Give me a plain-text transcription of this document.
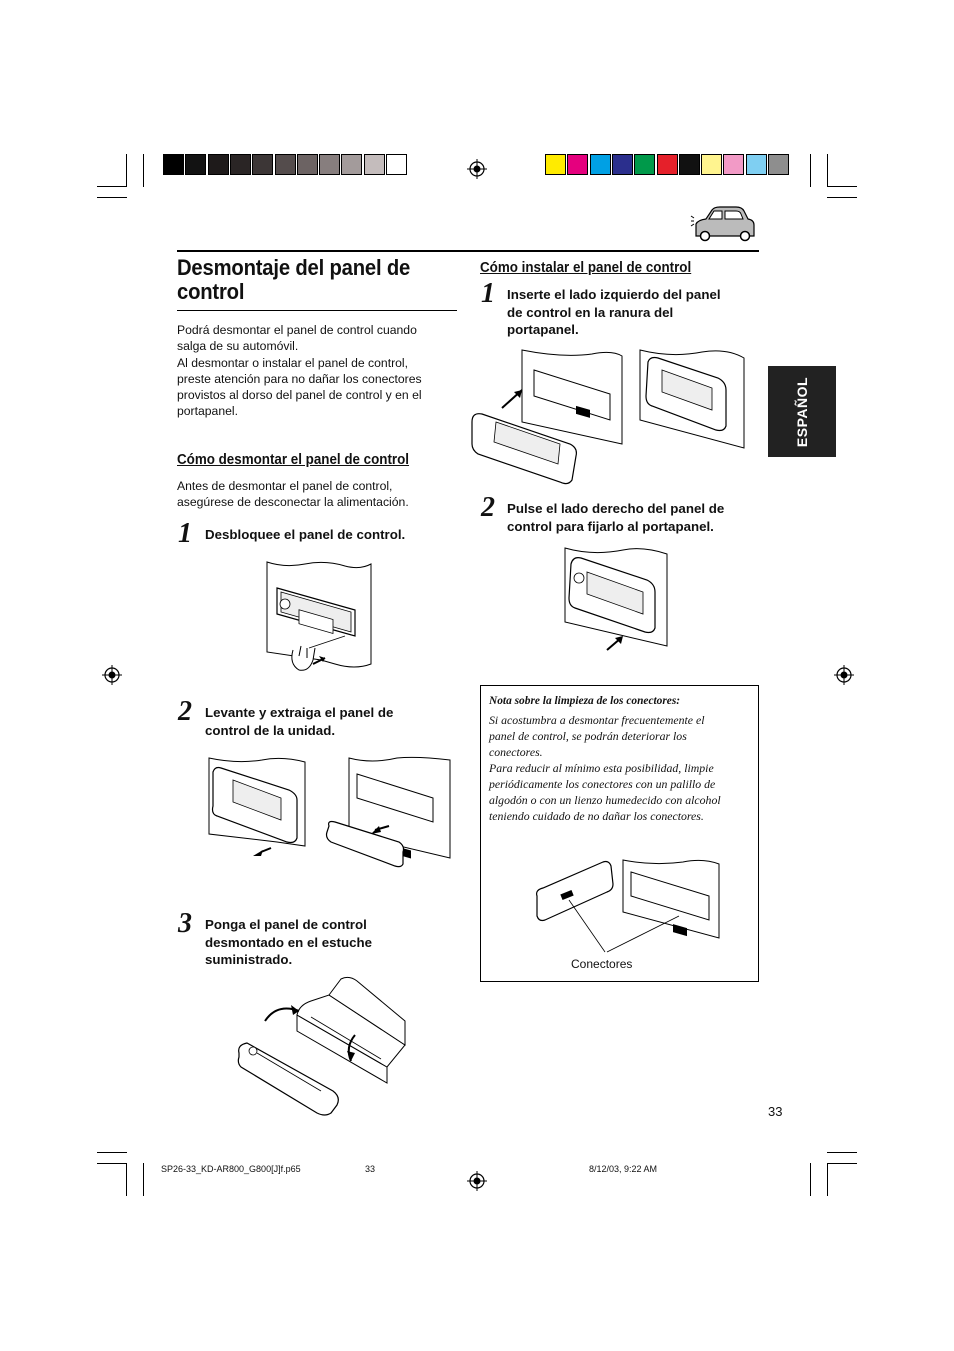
Desmontaje del panel de control

Podrá desmontar el panel de control cuando
salga de su automóvil.
Al desmontar o instalar el panel de control,
preste atención para no dañar los conectores
provistos al dorso del panel de control y en el
portapanel.

Cómo desmontar el panel de control

Antes de desmontar el panel de control,
asegúrese de desconectar la alimentación.

1 Desbloquee el panel de control.

2 Levante y extraiga el panel de
control de la unidad.

3 Ponga el panel de control
desmontado en el estuche
suministrado.

Cómo instalar el panel de control

1 Inserte el lado izquierdo del panel
de control en la ranura del
portapanel.

2 Pulse el lado derecho del panel de
control para fijarlo al portapanel.

ESPAÑOL

Nota sobre la limpieza de los conectores:

Si acostumbra a desmontar frecuentemente el
panel de control, se podrán deteriorar los
conectores.
Para reducir al mínimo esta posibilidad, limpie
periódicamente los conectores con un palillo de
algodón o con un lienzo humedecido con alcohol
teniendo cuidado de no dañar los conectores.

Conectores
33
SP26-33_KD-AR800_G800[J]f.p65	33	8/12/03, 9:22 AM
